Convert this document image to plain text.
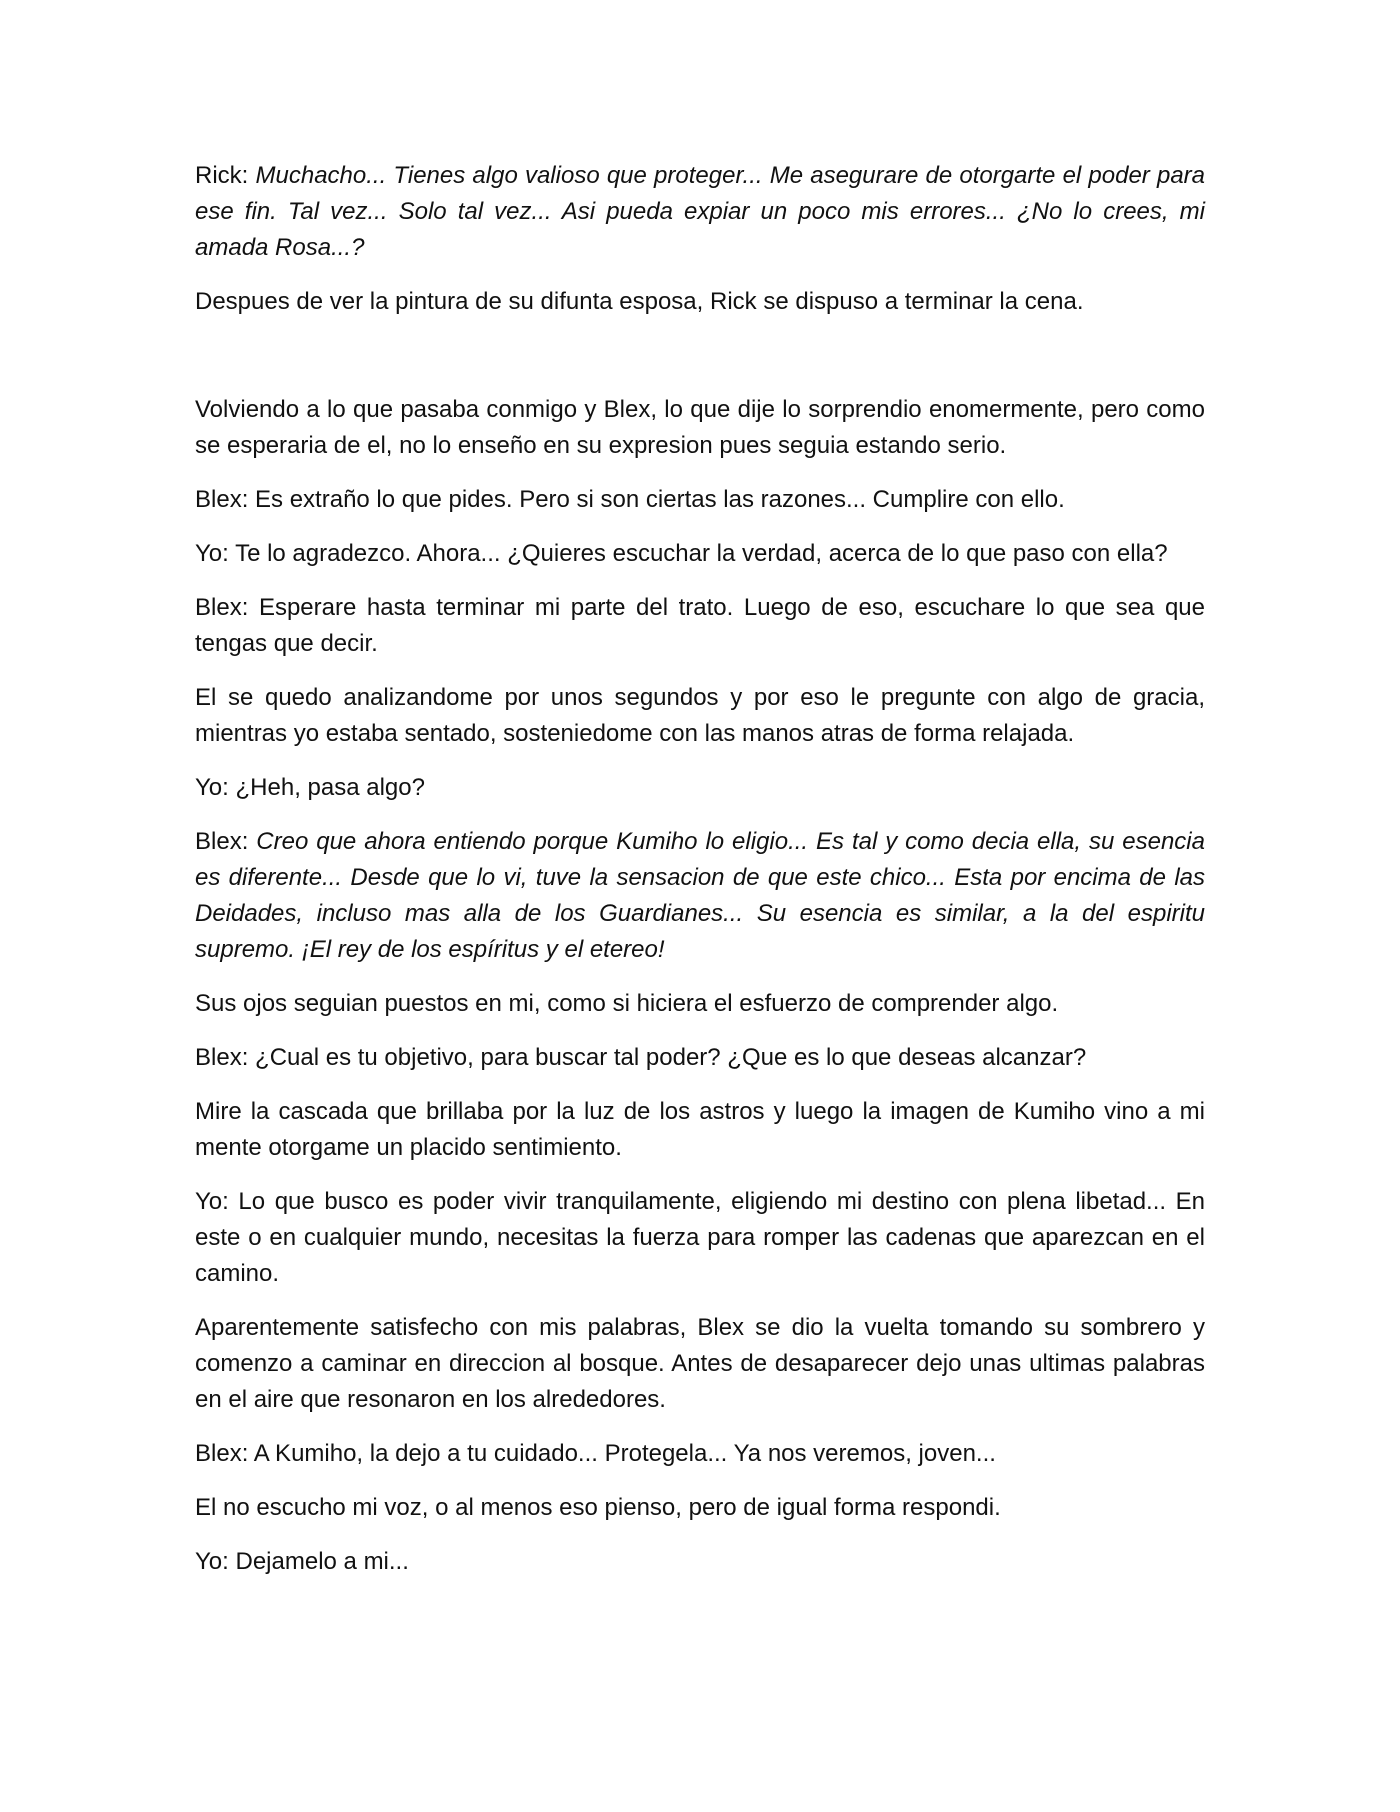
Rick: Muchacho... Tienes algo valioso que proteger... Me asegurare de otorgarte el poder para ese fin. Tal vez... Solo tal vez... Asi pueda expiar un poco mis errores... ¿No lo crees, mi amada Rosa...?

Despues de ver la pintura de su difunta esposa, Rick se dispuso a terminar la cena.

Volviendo a lo que pasaba conmigo y Blex, lo que dije lo sorprendio enomermente, pero como se esperaria de el, no lo enseño en su expresion pues seguia estando serio.

Blex: Es extraño lo que pides. Pero si son ciertas las razones... Cumplire con ello.

Yo: Te lo agradezco. Ahora... ¿Quieres escuchar la verdad, acerca de lo que paso con ella?

Blex: Esperare hasta terminar mi parte del trato. Luego de eso, escuchare lo que sea que tengas que decir.

El se quedo analizandome por unos segundos y por eso le pregunte con algo de gracia, mientras yo estaba sentado, sosteniedome con las manos atras de forma relajada.

Yo: ¿Heh, pasa algo?

Blex: Creo que ahora entiendo porque Kumiho lo eligio... Es tal y como decia ella, su esencia es diferente... Desde que lo vi, tuve la sensacion de que este chico... Esta por encima de las Deidades, incluso mas alla de los Guardianes... Su esencia es similar, a la del espiritu supremo. ¡El rey de los espíritus y el etereo!

Sus ojos seguian puestos en mi, como si hiciera el esfuerzo de comprender algo.

Blex: ¿Cual es tu objetivo, para buscar tal poder? ¿Que es lo que deseas alcanzar?

Mire la cascada que brillaba por la luz de los astros y luego la imagen de Kumiho vino a mi mente otorgame un placido sentimiento.

Yo: Lo que busco es poder vivir tranquilamente, eligiendo mi destino con plena libetad... En este o en cualquier mundo, necesitas la fuerza para romper las cadenas que aparezcan en el camino.

Aparentemente satisfecho con mis palabras, Blex se dio la vuelta tomando su sombrero y comenzo a caminar en direccion al bosque. Antes de desaparecer dejo unas ultimas palabras en el aire que resonaron en los alrededores.

Blex: A Kumiho, la dejo a tu cuidado... Protegela... Ya nos veremos, joven...

El no escucho mi voz, o al menos eso pienso, pero de igual forma respondi.

Yo: Dejamelo a mi...
